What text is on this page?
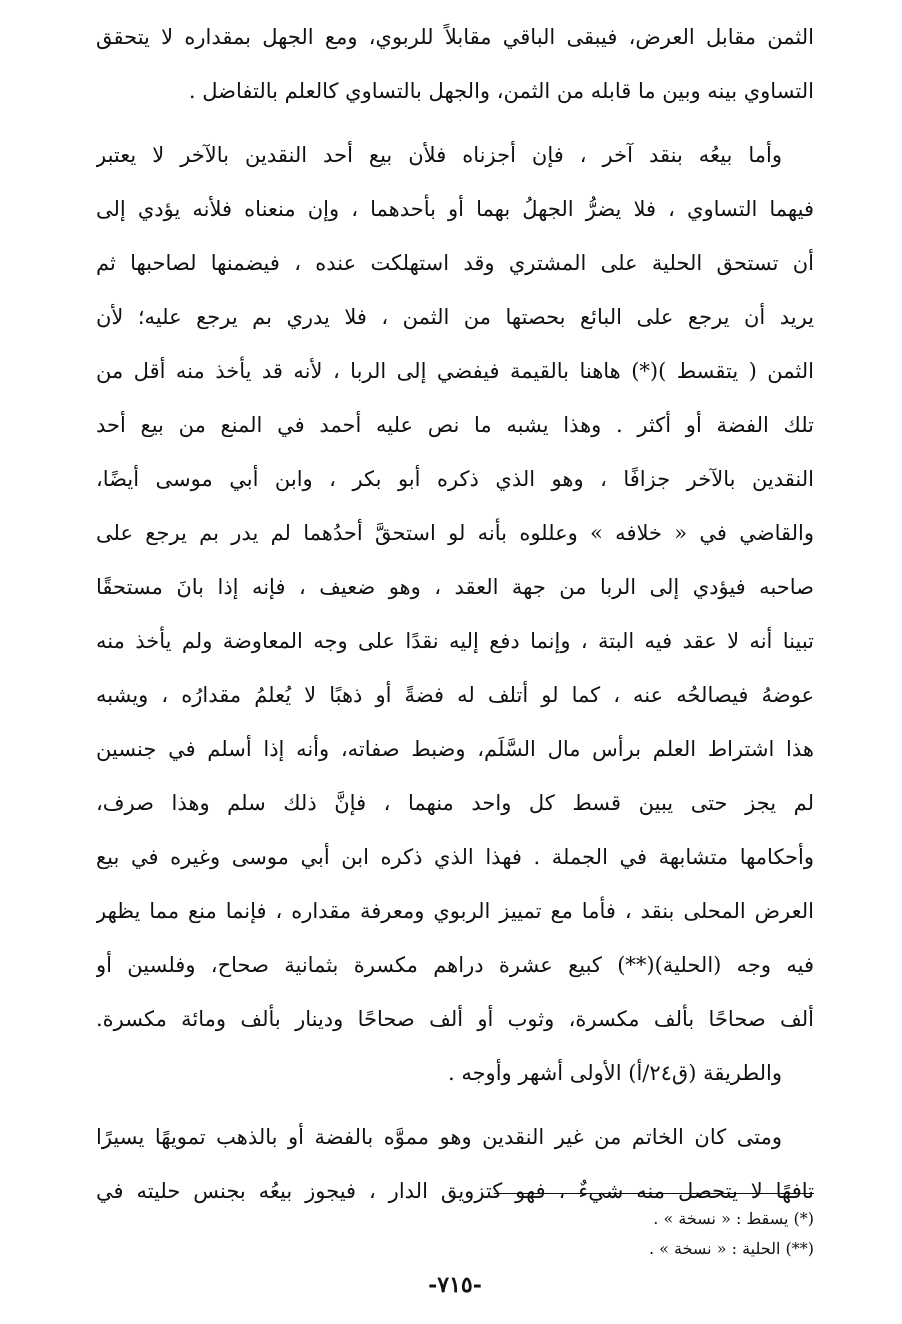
الثمن مقابل العرض، فيبقى الباقي مقابلاً للربوي، ومع الجهل بمقداره لا يتحقق
التساوي بينه وبين ما قابله من الثمن، والجهل بالتساوي كالعلم بالتفاضل .
وأما بيعُه بنقد آخر ، فإن أجزناه فلأن بيع أحد النقدين بالآخر لا يعتبر
فيهما التساوي ، فلا يضرُّ الجهلُ بهما أو بأحدهما ، وإن منعناه فلأنه يؤدي إلى
أن تستحق الحلية على المشتري وقد استهلكت عنده ، فيضمنها لصاحبها ثم
يريد أن يرجع على البائع بحصتها من الثمن ، فلا يدري بم يرجع عليه؛ لأن
الثمن ( يتقسط )(*) هاهنا بالقيمة فيفضي إلى الربا ، لأنه قد يأخذ منه أقل من
تلك الفضة أو أكثر . وهذا يشبه ما نص عليه أحمد في المنع من بيع أحد
النقدين بالآخر جزافًا ، وهو الذي ذكره أبو بكر ، وابن أبي موسى أيضًا،
والقاضي في « خلافه » وعللوه بأنه لو استحقَّ أحدُهما لم يدر بم يرجع على
صاحبه فيؤدي إلى الربا من جهة العقد ، وهو ضعيف ، فإنه إذا بانَ مستحقًا
تبينا أنه لا عقد فيه البتة ، وإنما دفع إليه نقدًا على وجه المعاوضة ولم يأخذ منه
عوضهُ فيصالحُه عنه ، كما لو أتلف له فضةً أو ذهبًا لا يُعلمُ مقدارُه ، ويشبه
هذا اشتراط العلم برأس مال السَّلَم، وضبط صفاته، وأنه إذا أسلم في جنسين
لم يجز حتى يبين قسط كل واحد منهما ، فإنَّ ذلك سلم وهذا صرف،
وأحكامها متشابهة في الجملة . فهذا الذي ذكره ابن أبي موسى وغيره في بيع
العرض المحلى بنقد ، فأما مع تمييز الربوي ومعرفة مقداره ، فإنما منع مما يظهر
فيه وجه (الحلية)(**) كبيع عشرة دراهم مكسرة بثمانية صحاح، وفلسين أو
ألف صحاحًا بألف مكسرة، وثوب أو ألف صحاحًا ودينار بألف ومائة مكسرة.
والطريقة (ق٢٤/أ) الأولى أشهر وأوجه .
ومتى كان الخاتم من غير النقدين وهو مموَّه بالفضة أو بالذهب تمويهًا يسيرًا
تافهًا لا يتحصل منه شيءٌ ، فهو كتزويق الدار ، فيجوز بيعُه بجنس حليته في
(*) يسقط : « نسخة » .
(**) الحلية : « نسخة » .
-٧١٥-
